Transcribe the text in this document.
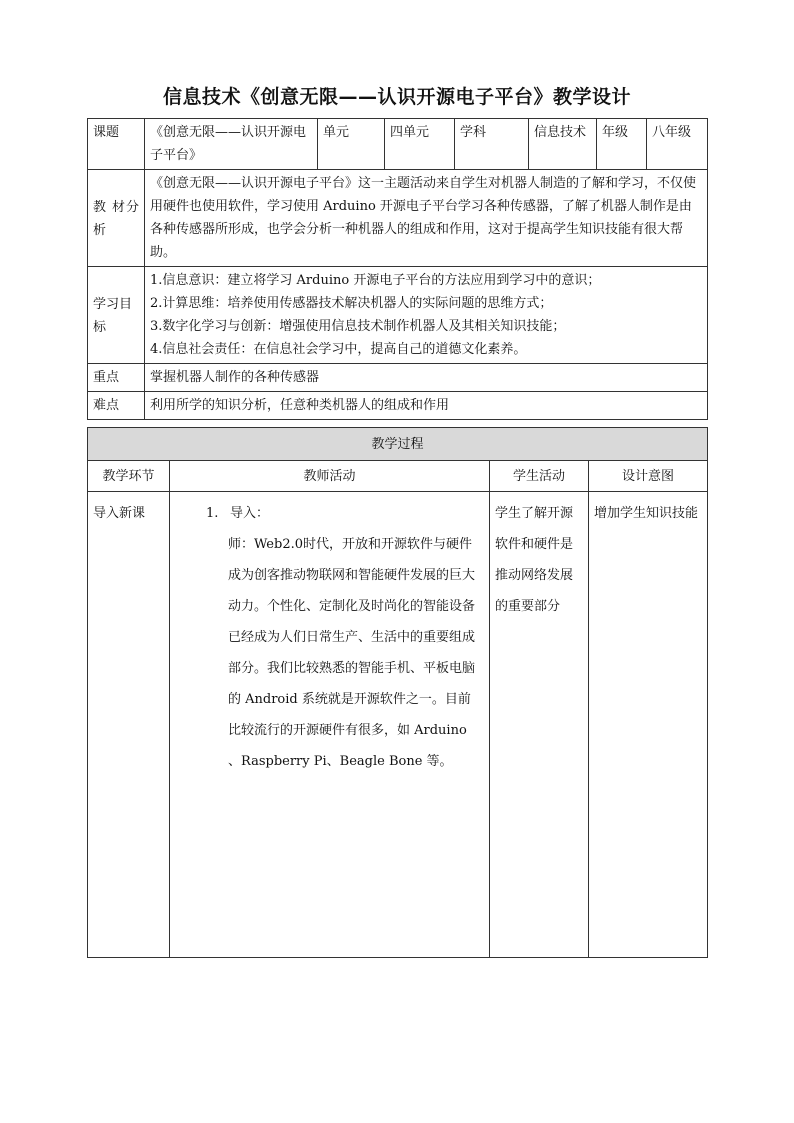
信息技术《创意无限——认识开源电子平台》教学设计
课题	《创意无限——认识开源电子平台》	单元	四单元	学科	信息技术	年级	八年级
教 材分析	《创意无限——认识开源电子平台》这一主题活动来自学生对机器人制造的了解和学习，不仅使用硬件也使用软件，学习使用 Arduino 开源电子平台学习各种传感器，了解了机器人制作是由各种传感器所形成，也学会分析一种机器人的组成和作用，这对于提高学生知识技能有很大帮助。						
学习目标	1.信息意识：建立将学习 Arduino 开源电子平台的方法应用到学习中的意识；
2.计算思维：培养使用传感器技术解决机器人的实际问题的思维方式；
3.数字化学习与创新：增强使用信息技术制作机器人及其相关知识技能；
4.信息社会责任：在信息社会学习中，提高自己的道德文化素养。						

重点	掌握机器人制作的各种传感器						
难点	利用所学的知识分析，任意种类机器人的组成和作用						
教学过程			
教学环节	教师活动	学生活动	设计意图
导入新课	1. 导入：
师：Web2.0时代，开放和开源软件与硬件成为创客推动物联网和智能硬件发展的巨大动力。个性化、定制化及时尚化的智能设备已经成为人们日常生产、生活中的重要组成部分。我们比较熟悉的智能手机、平板电脑的 Android 系统就是开源软件之一。目前比较流行的开源硬件有很多，如 Arduino 、Raspberry Pi、Beagle Bone 等。	学生了解开源软件和硬件是推动网络发展的重要部分	增加学生知识技能
